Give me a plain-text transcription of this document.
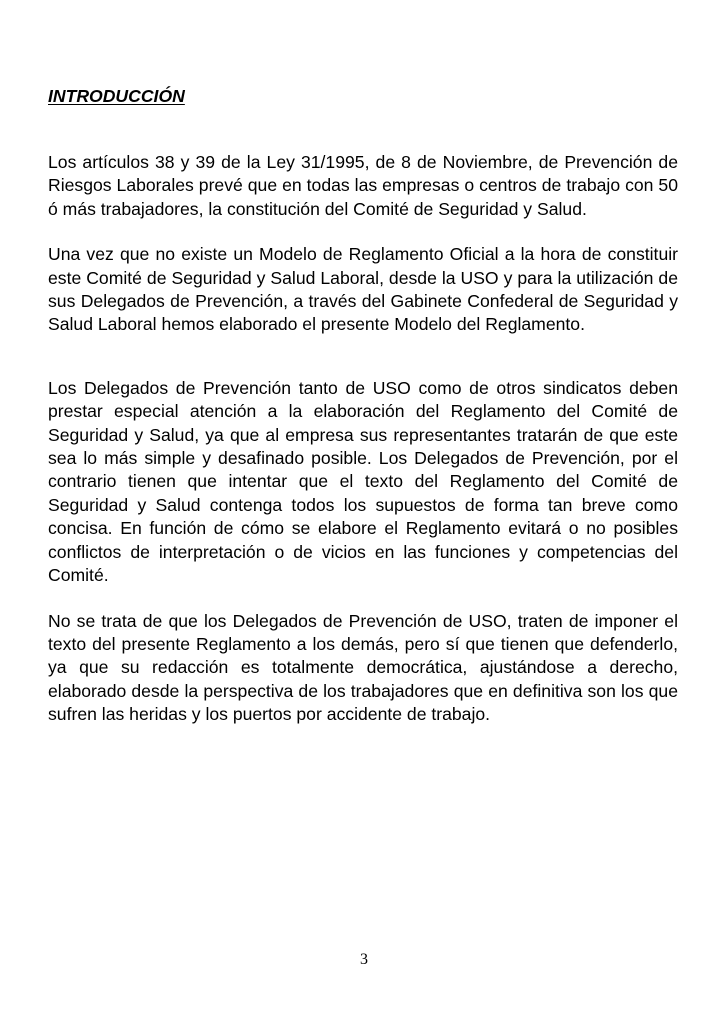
INTRODUCCIÓN

Los artículos 38 y 39 de la Ley 31/1995, de 8 de Noviembre, de Prevención de Riesgos Laborales prevé que en todas las empresas o centros de trabajo con 50 ó más trabajadores, la constitución del Comité de Seguridad y Salud.

Una vez que no existe un Modelo de Reglamento Oficial a la hora de constituir este Comité de Seguridad y Salud Laboral, desde la USO y para la utilización de sus Delegados de Prevención, a través del Gabinete Confederal de Seguridad y Salud Laboral hemos elaborado el presente Modelo del Reglamento.

Los Delegados de Prevención tanto de USO como de otros sindicatos deben prestar especial atención a la elaboración del Reglamento del Comité de Seguridad y Salud, ya que al empresa sus representantes tratarán de que este sea lo más simple y desafinado posible. Los Delegados de Prevención, por el contrario tienen que intentar que el texto del Reglamento del Comité de Seguridad y Salud contenga todos los supuestos de forma tan breve como concisa. En función de cómo se elabore el Reglamento evitará o no posibles conflictos de interpretación o de vicios en las funciones y competencias del Comité.

No se trata de que los Delegados de Prevención de USO, traten de imponer el texto del presente Reglamento a los demás, pero sí que tienen que defenderlo, ya que su redacción es totalmente democrática, ajustándose a derecho, elaborado desde la perspectiva de los trabajadores que en definitiva son los que sufren las heridas y los puertos por accidente de trabajo.

3
